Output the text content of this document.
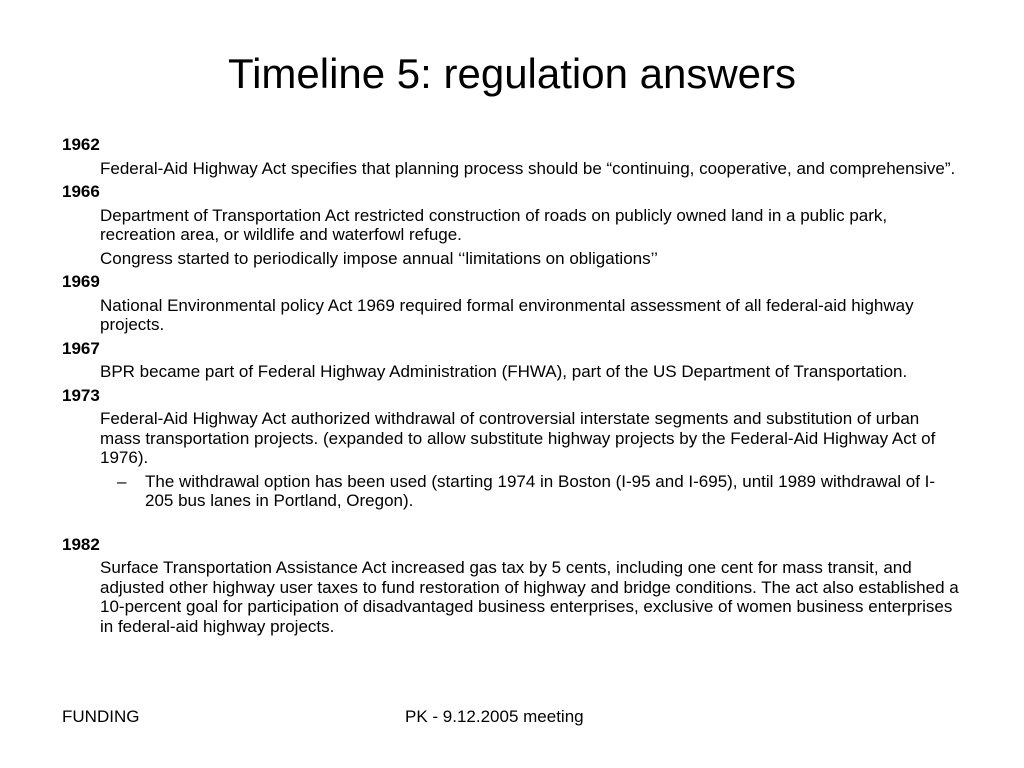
Timeline 5: regulation answers
1962
Federal-Aid Highway Act specifies that planning process should be “continuing, cooperative, and comprehensive”.
1966
Department of Transportation Act restricted construction of roads on publicly owned land in a public park, recreation area, or wildlife and waterfowl refuge.
Congress started to periodically impose annual ‘‘limitations on obligations’’
1969
National Environmental policy Act 1969 required formal environmental assessment of all federal-aid highway projects.
1967
BPR became part of Federal Highway Administration (FHWA), part of the US Department of Transportation.
1973
Federal-Aid Highway Act authorized withdrawal of controversial interstate segments and substitution of urban mass transportation projects. (expanded to allow substitute highway projects by the Federal-Aid Highway Act of 1976).
– The withdrawal option has been used (starting 1974 in Boston (I-95 and I-695), until 1989 withdrawal of I-205 bus lanes in Portland, Oregon).
1982
Surface Transportation Assistance Act increased gas tax by 5 cents, including one cent for mass transit, and adjusted other highway user taxes to fund restoration of highway and bridge conditions. The act also established a 10-percent goal for participation of disadvantaged business enterprises, exclusive of women business enterprises in federal-aid highway projects.
FUNDING	PK - 9.12.2005 meeting
